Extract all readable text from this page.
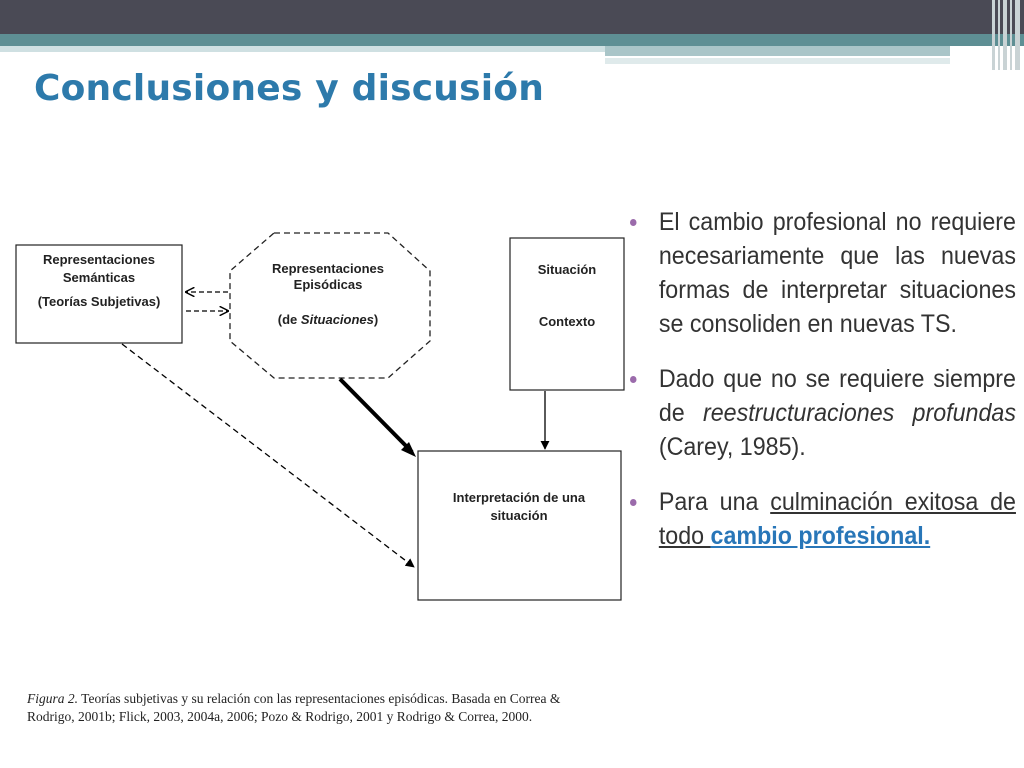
Conclusiones y discusión
Representaciones
Semánticas
(Teorías Subjetivas)
Representaciones
Episódicas
(de Situaciones)
Situación
Contexto
Interpretación de una
situación
El cambio profesional no requiere necesariamente que las nuevas formas de interpretar situaciones se consoliden en nuevas TS.
Dado que no se requiere siempre de reestructuraciones profundas (Carey, 1985).
Para una culminación exitosa de todo cambio profesional.
Figura 2. Teorías subjetivas y su relación con las representaciones episódicas. Basada en Correa & Rodrigo, 2001b; Flick, 2003, 2004a, 2006; Pozo & Rodrigo, 2001 y Rodrigo & Correa, 2000.
